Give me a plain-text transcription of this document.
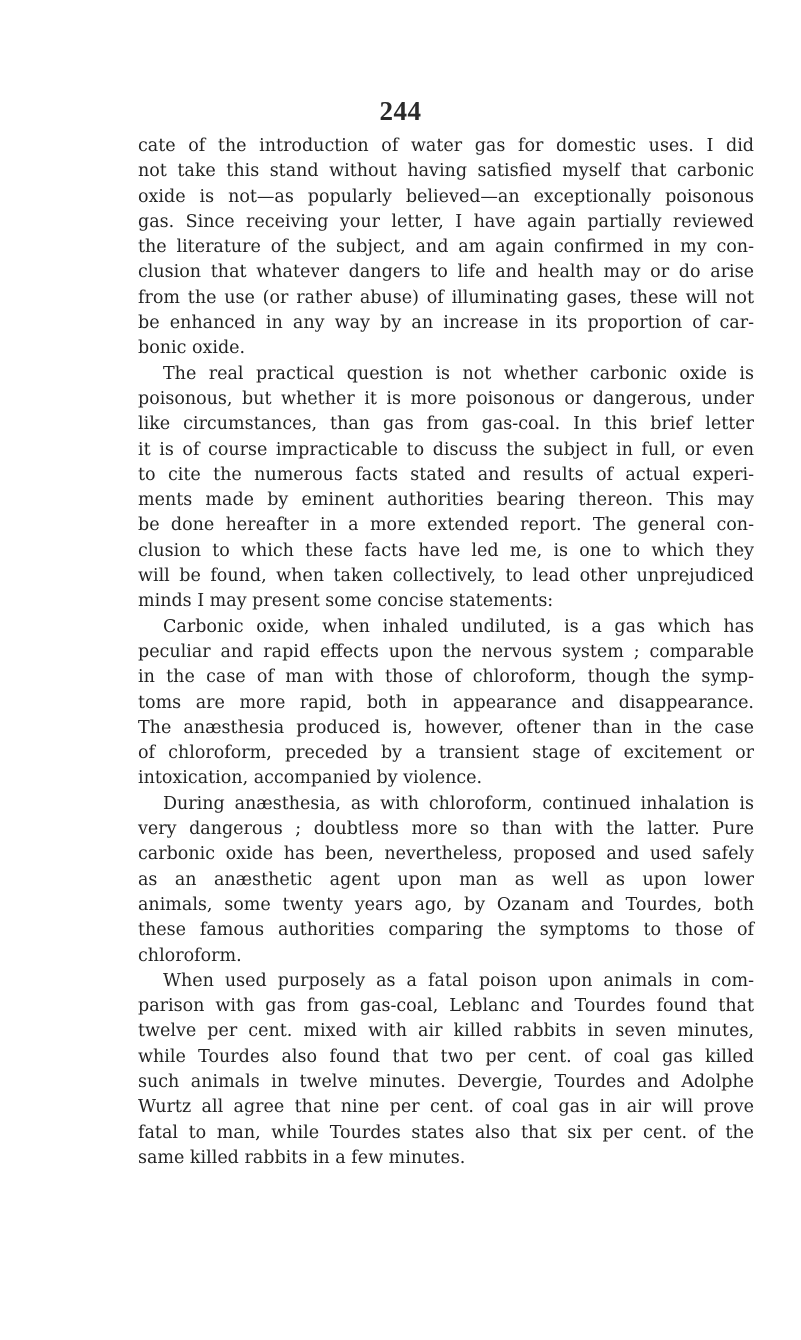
244

cate of the introduction of water gas for domestic uses. I did
not take this stand without having satisfied myself that carbonic
oxide is not—as popularly believed—an exceptionally poisonous
gas. Since receiving your letter, I have again partially reviewed
the literature of the subject, and am again confirmed in my con-
clusion that whatever dangers to life and health may or do arise
from the use (or rather abuse) of illuminating gases, these will not
be enhanced in any way by an increase in its proportion of car-
bonic oxide.

The real practical question is not whether carbonic oxide is
poisonous, but whether it is more poisonous or dangerous, under
like circumstances, than gas from gas-coal. In this brief letter
it is of course impracticable to discuss the subject in full, or even
to cite the numerous facts stated and results of actual experi-
ments made by eminent authorities bearing thereon. This may
be done hereafter in a more extended report. The general con-
clusion to which these facts have led me, is one to which they
will be found, when taken collectively, to lead other unprejudiced
minds I may present some concise statements:

Carbonic oxide, when inhaled undiluted, is a gas which has
peculiar and rapid effects upon the nervous system ; comparable
in the case of man with those of chloroform, though the symp-
toms are more rapid, both in appearance and disappearance.
The anæsthesia produced is, however, oftener than in the case
of chloroform, preceded by a transient stage of excitement or
intoxication, accompanied by violence.

During anæsthesia, as with chloroform, continued inhalation is
very dangerous ; doubtless more so than with the latter. Pure
carbonic oxide has been, nevertheless, proposed and used safely
as an anæsthetic agent upon man as well as upon lower
animals, some twenty years ago, by Ozanam and Tourdes, both
these famous authorities comparing the symptoms to those of
chloroform.

When used purposely as a fatal poison upon animals in com-
parison with gas from gas-coal, Leblanc and Tourdes found that
twelve per cent. mixed with air killed rabbits in seven minutes,
while Tourdes also found that two per cent. of coal gas killed
such animals in twelve minutes. Devergie, Tourdes and Adolphe
Wurtz all agree that nine per cent. of coal gas in air will prove
fatal to man, while Tourdes states also that six per cent. of the
same killed rabbits in a few minutes.
